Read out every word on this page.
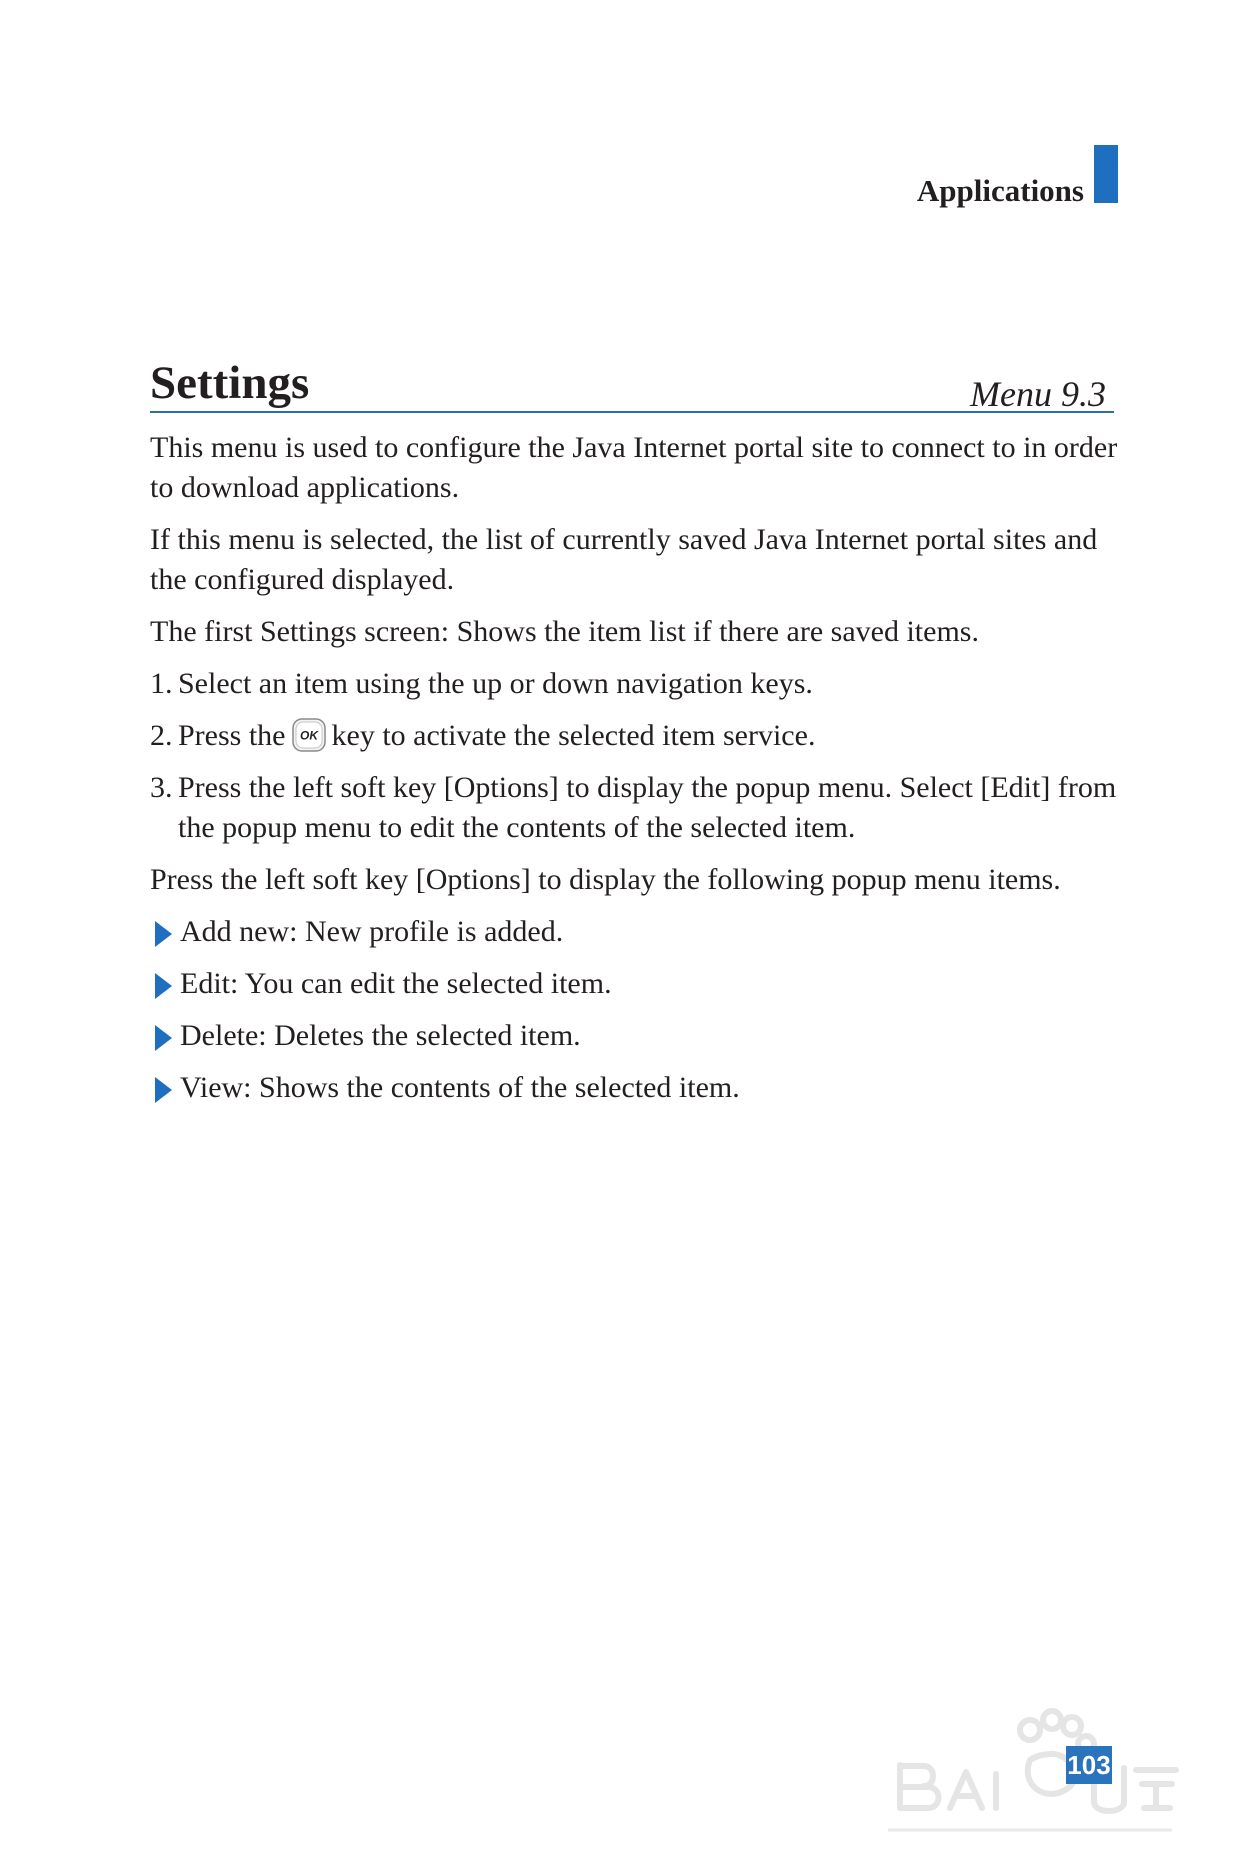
Applications
Settings	Menu 9.3

This menu is used to configure the Java Internet portal site to connect to in order to download applications.

If this menu is selected, the list of currently saved Java Internet portal sites and the configured displayed.

The first Settings screen: Shows the item list if there are saved items.

1. Select an item using the up or down navigation keys.
2. Press the OK key to activate the selected item service.
3. Press the left soft key [Options] to display the popup menu. Select [Edit] from the popup menu to edit the contents of the selected item.

Press the left soft key [Options] to display the following popup menu items.

Add new: New profile is added.
Edit: You can edit the selected item.
Delete: Deletes the selected item.
View: Shows the contents of the selected item.
103
